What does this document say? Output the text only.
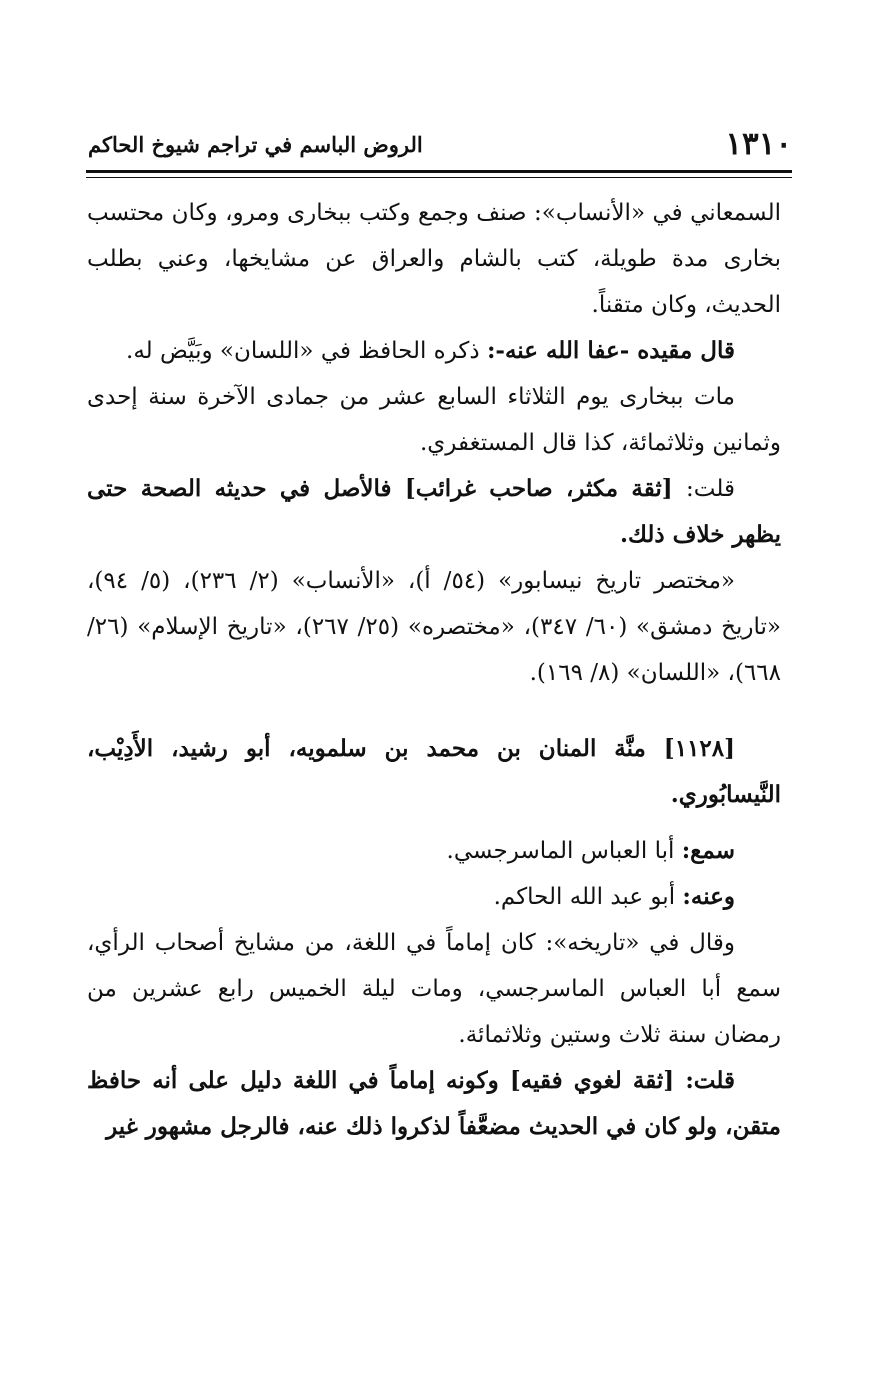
١٣١٠
الروض الباسم في تراجم شيوخ الحاكم

السمعاني في «الأنساب»: صنف وجمع وكتب ببخارى ومرو، وكان محتسب بخارى مدة طويلة، كتب بالشام والعراق عن مشايخها، وعني بطلب الحديث، وكان متقناً.

قال مقيده -عفا الله عنه-: ذكره الحافظ في «اللسان» وبَيَّض له.

مات ببخارى يوم الثلاثاء السابع عشر من جمادى الآخرة سنة إحدى وثمانين وثلاثمائة، كذا قال المستغفري.

قلت: [ثقة مكثر، صاحب غرائب] فالأصل في حديثه الصحة حتى يظهر خلاف ذلك.

«مختصر تاريخ نيسابور» (٥٤/ أ)، «الأنساب» (٢/ ٢٣٦)، (٥/ ٩٤)، «تاريخ دمشق» (٦٠/ ٣٤٧)، «مختصره» (٢٥/ ٢٦٧)، «تاريخ الإسلام» (٢٦/ ٦٦٨)، «اللسان» (٨/ ١٦٩).

[١١٢٨] منَّة المنان بن محمد بن سلمويه، أبو رشيد، الأَدِيْب، النَّيسابُوري.

سمع: أبا العباس الماسرجسي.

وعنه: أبو عبد الله الحاكم.

وقال في «تاريخه»: كان إماماً في اللغة، من مشايخ أصحاب الرأي، سمع أبا العباس الماسرجسي، ومات ليلة الخميس رابع عشرين من رمضان سنة ثلاث وستين وثلاثمائة.

قلت: [ثقة لغوي فقيه] وكونه إماماً في اللغة دليل على أنه حافظ متقن، ولو كان في الحديث مضعَّفاً لذكروا ذلك عنه، فالرجل مشهور غير
